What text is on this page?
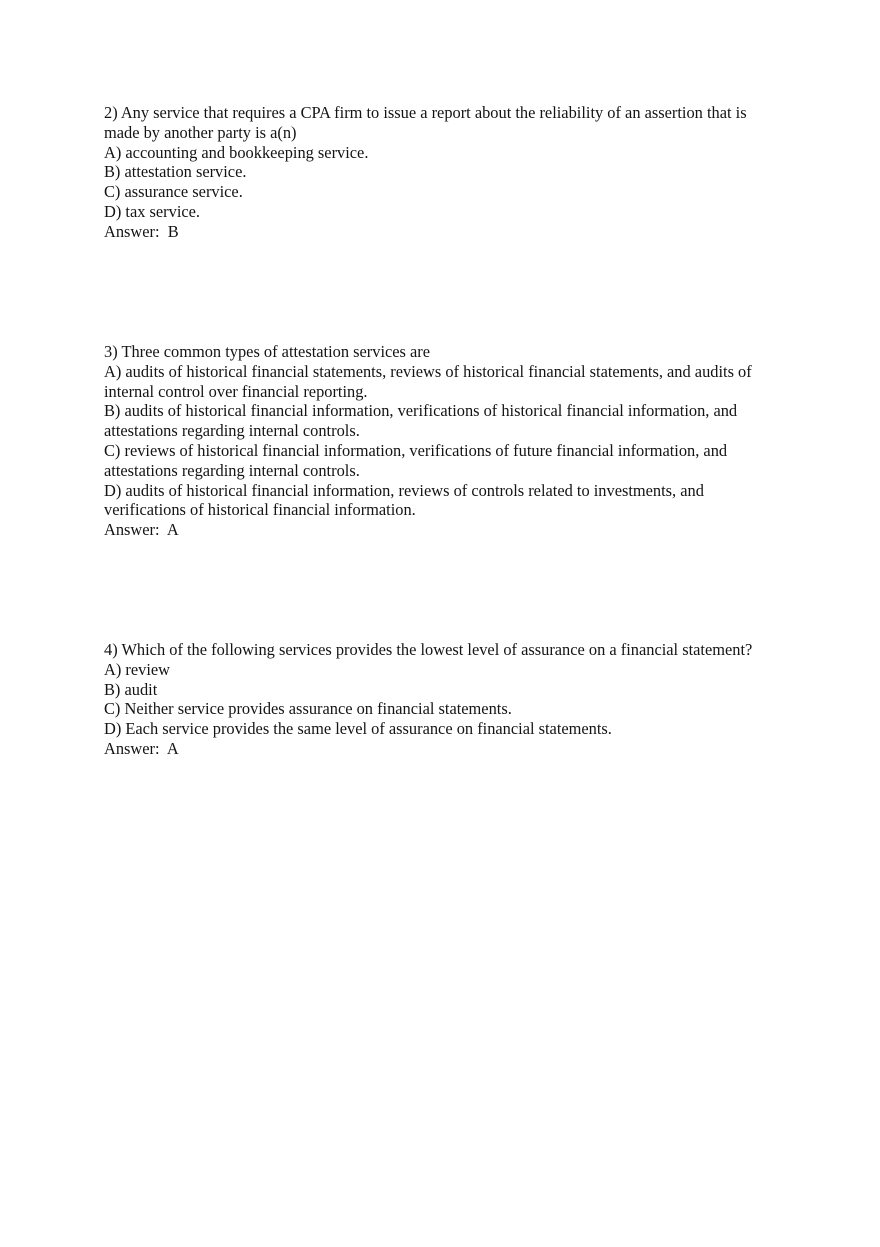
2) Any service that requires a CPA firm to issue a report about the reliability of an assertion that is made by another party is a(n)
A) accounting and bookkeeping service.
B) attestation service.
C) assurance service.
D) tax service.
Answer:  B
3) Three common types of attestation services are
A) audits of historical financial statements, reviews of historical financial statements, and audits of internal control over financial reporting.
B) audits of historical financial information, verifications of historical financial information, and attestations regarding internal controls.
C) reviews of historical financial information, verifications of future financial information, and attestations regarding internal controls.
D) audits of historical financial information, reviews of controls related to investments, and verifications of historical financial information.
Answer:  A
4) Which of the following services provides the lowest level of assurance on a financial statement?
A) review
B) audit
C) Neither service provides assurance on financial statements.
D) Each service provides the same level of assurance on financial statements.
Answer:  A
